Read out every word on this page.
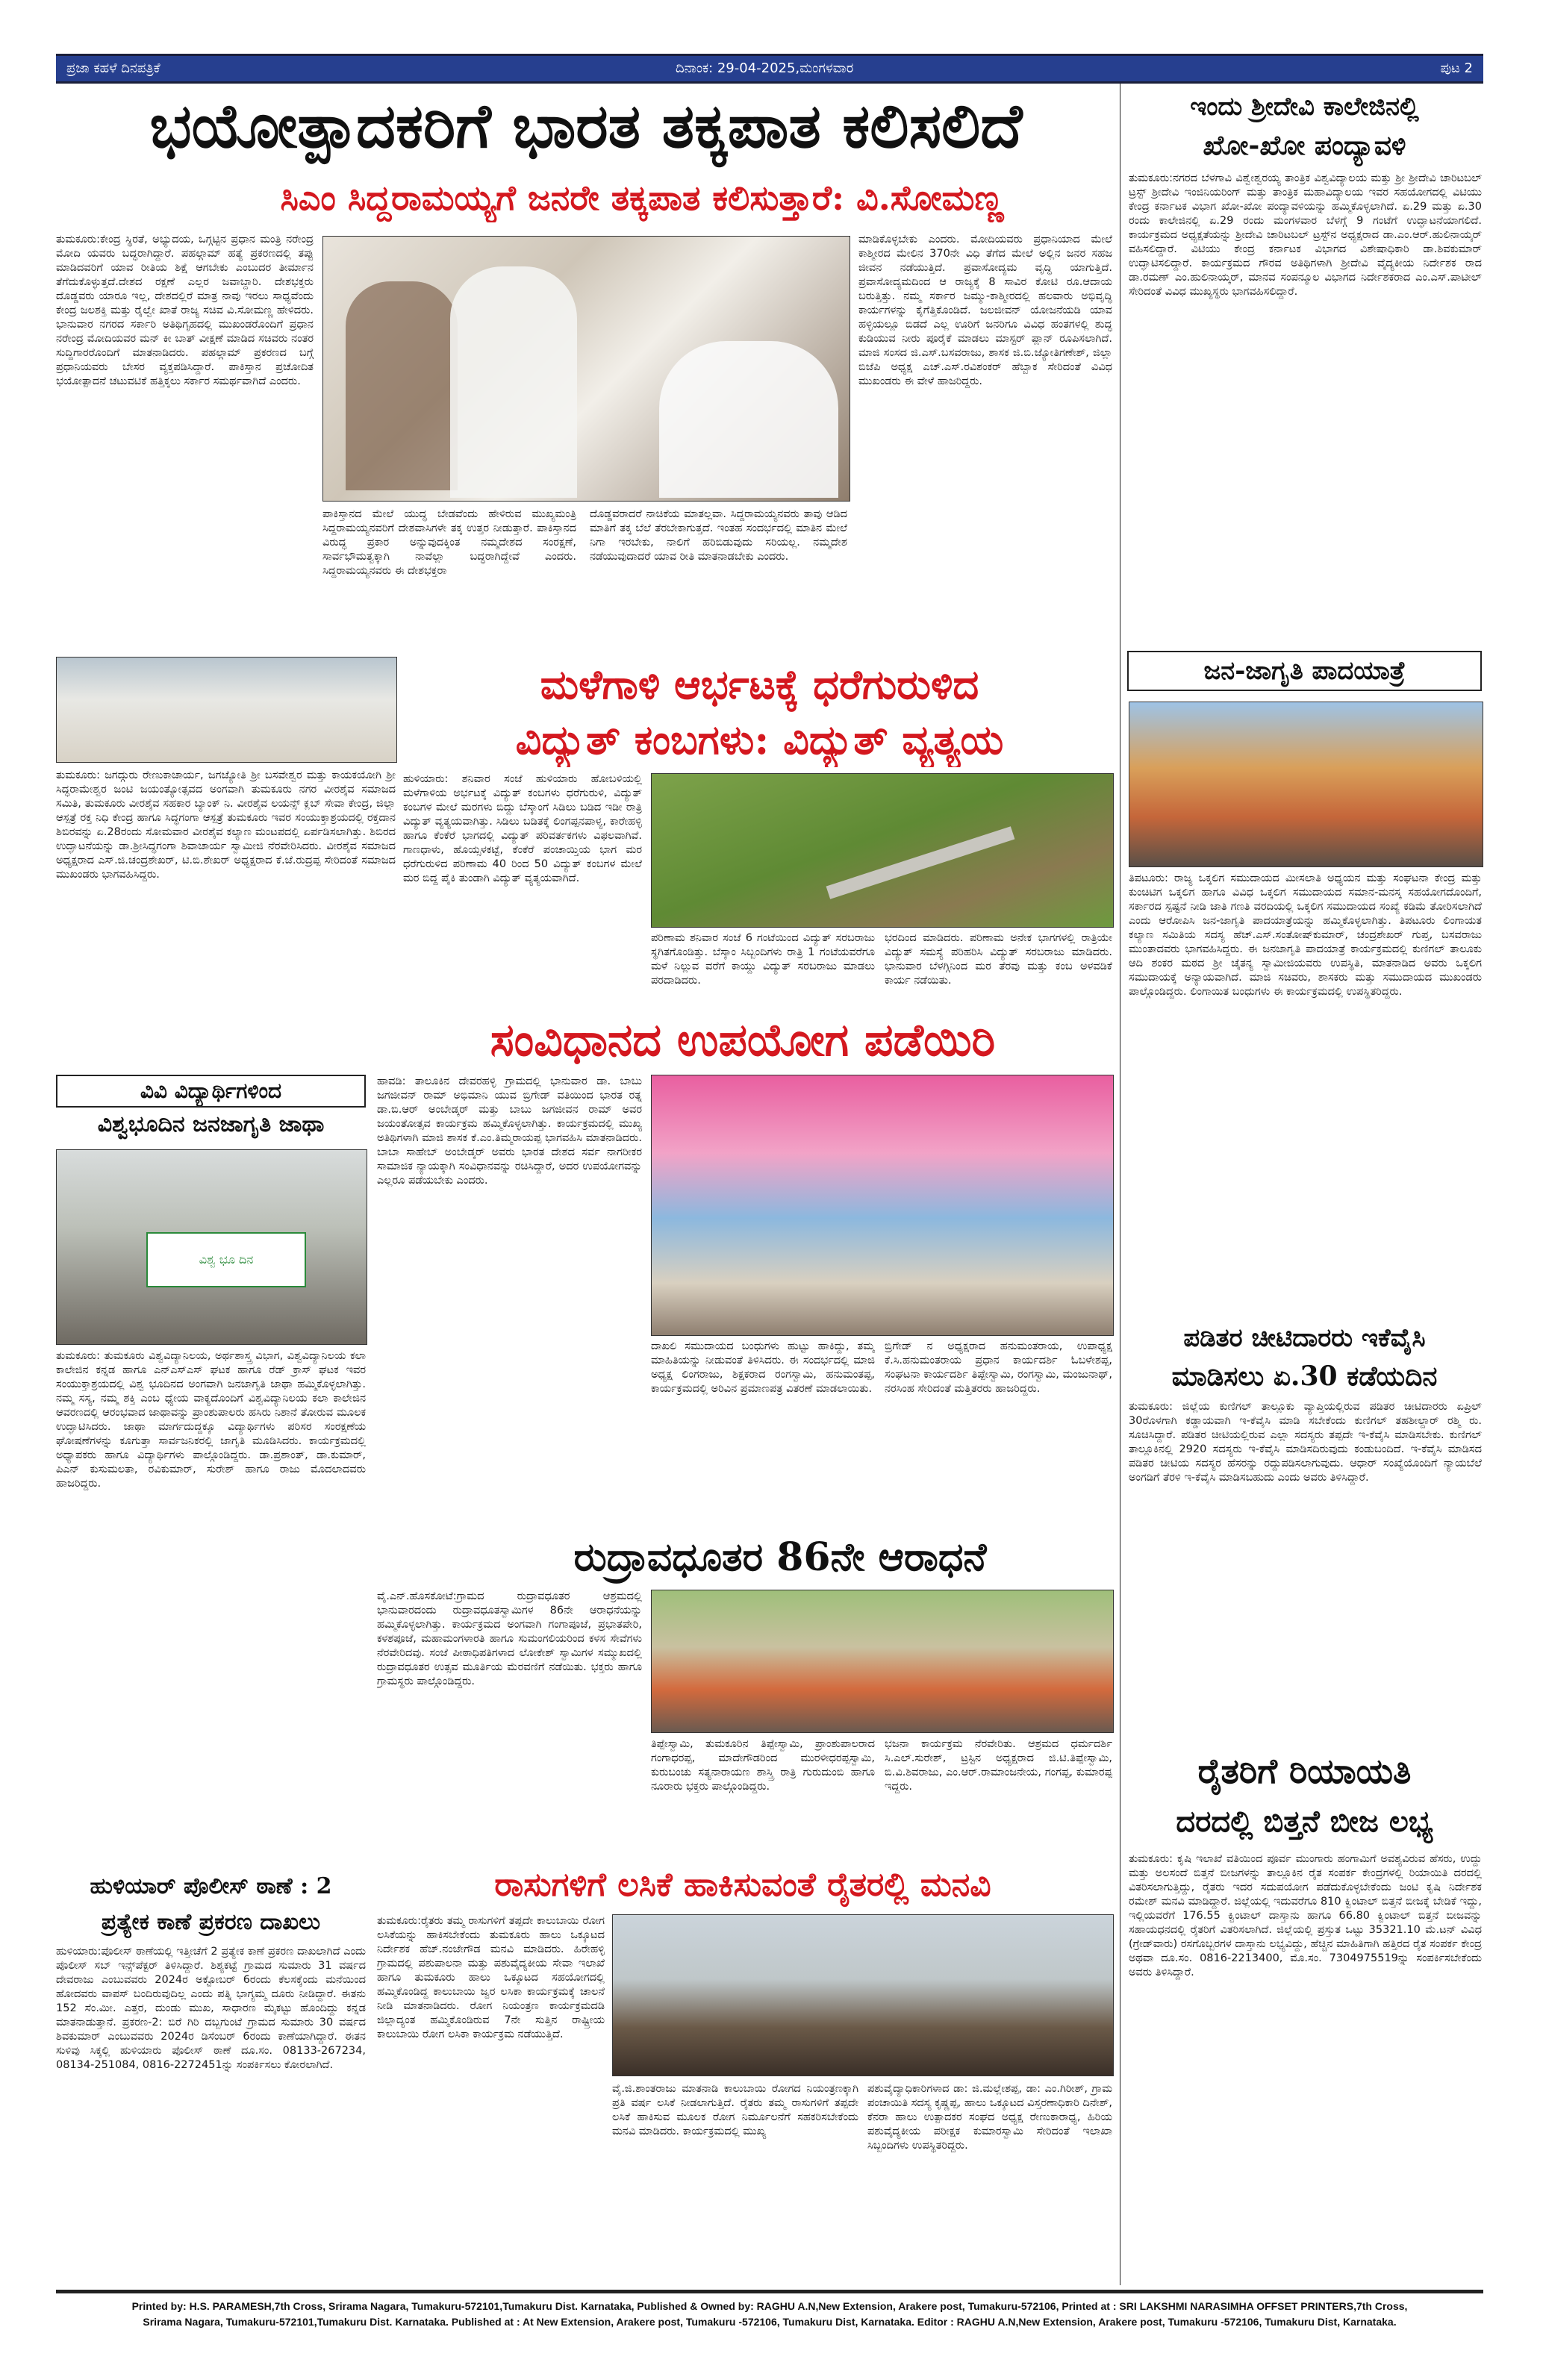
ಪ್ರಜಾ ಕಹಳೆ ದಿನಪತ್ರಿಕೆ	ದಿನಾಂಕ: 29-04-2025,ಮಂಗಳವಾರ	ಪುಟ 2
ಭಯೋತ್ಪಾದಕರಿಗೆ ಭಾರತ ತಕ್ಕಪಾತ ಕಲಿಸಲಿದೆ
ಸಿಎಂ ಸಿದ್ದರಾಮಯ್ಯಗೆ ಜನರೇ ತಕ್ಕಪಾತ ಕಲಿಸುತ್ತಾರೆ: ವಿ.ಸೋಮಣ್ಣ
ತುಮಕೂರು:ಕೇಂದ್ರ ಸ್ಥಿರತೆ, ಅಭ್ಯುದಯ, ಒಗ್ಗಟ್ಟಿನ ಪ್ರಧಾನ ಮಂತ್ರಿ ನರೇಂದ್ರ ಮೋದಿ ಯವರು ಬದ್ಧರಾಗಿದ್ದಾರೆ. ಪಹಲ್ಗಾಮ್ ಹತ್ಯೆ ಪ್ರಕರಣದಲ್ಲಿ ತಪ್ಪು ಮಾಡಿದವರಿಗೆ ಯಾವ ರೀತಿಯ ಶಿಕ್ಷೆ ಆಗಬೇಕು ಎಂಬುದರ ತೀರ್ಮಾನ ತೆಗೆದುಕೊಳ್ಳುತ್ತದೆ.ದೇಶದ ರಕ್ಷಣೆ ಎಲ್ಲರ ಜವಾಬ್ದಾರಿ. ದೇಶಭಕ್ತರು ದೊಡ್ಡವರು ಯಾರೂ ಇಲ್ಲ, ದೇಶದಲ್ಲಿರೆ ಮಾತ್ರ ನಾವು ಇರಲು ಸಾಧ್ಯವೆಂದು ಕೇಂದ್ರ ಜಲಶಕ್ತಿ ಮತ್ತು ರೈಲ್ವೇ ಖಾತೆ ರಾಜ್ಯ ಸಚಿವ ವಿ.ಸೋಮಣ್ಣ ಹೇಳಿದರು. ಭಾನುವಾರ ನಗರದ ಸರ್ಕಾರಿ ಅತಿಥಿಗೃಹದಲ್ಲಿ ಮುಖಂಡರೊಂದಿಗೆ ಪ್ರಧಾನ ನರೇಂದ್ರ ಮೋದಿಯವರ ಮನ್ ಕೀ ಬಾತ್ ವೀಕ್ಷಣೆ ಮಾಡಿದ ಸಚಿವರು ನಂತರ ಸುದ್ದಿಗಾರರೊಂದಿಗೆ ಮಾತನಾಡಿದರು. ಪಹಲ್ಗಾಮ್ ಪ್ರಕರಣದ ಬಗ್ಗೆ ಪ್ರಧಾನಿಯವರು ಬೇಸರ ವ್ಯಕ್ತಪಡಿಸಿದ್ದಾರೆ. ಪಾಕಿಸ್ತಾನ ಪ್ರಚೋದಿತ ಭಯೋತ್ಪಾದನೆ ಚಟುವಟಿಕೆ ಹತ್ತಿಕ್ಕಲು ಸರ್ಕಾರ ಸಮರ್ಥವಾಗಿದೆ ಎಂದರು.
ಪಾಕಿಸ್ತಾನದ ಮೇಲೆ ಯುದ್ಧ ಬೇಡವೆಂದು ಹೇಳಿರುವ ಮುಖ್ಯಮಂತ್ರಿ ಸಿದ್ದರಾಮಯ್ಯನವರಿಗೆ ದೇಶವಾಸಿಗಳೇ ತಕ್ಕ ಉತ್ತರ ನೀಡುತ್ತಾರೆ. ಪಾಕಿಸ್ತಾನದ ವಿರುದ್ಧ ಪ್ರಕಾರ ಅನ್ನುವುದಕ್ಕಿಂತ ನಮ್ಮದೇಶದ ಸಂರಕ್ಷಣೆ, ಸಾರ್ವಭೌಮತ್ವಕ್ಕಾಗಿ ನಾವೆಲ್ಲಾ ಬದ್ಧರಾಗಿದ್ದೇವೆ ಎಂದರು. ಸಿದ್ದರಾಮಯ್ಯನವರು ಈ ದೇಶಭಕ್ತರಾ
ದೊಡ್ಡವರಾದರೆ ನಾಚಿಕೆಯ ಮಾತಲ್ಲವಾ. ಸಿದ್ದರಾಮಯ್ಯನವರು ತಾವು ಆಡಿದ ಮಾತಿಗೆ ತಕ್ಕ ಬೆಲೆ ತೆರಬೇಕಾಗುತ್ತದೆ. ಇಂತಹ ಸಂದರ್ಭದಲ್ಲಿ ಮಾತಿನ ಮೇಲೆ ನಿಗಾ ಇರಬೇಕು, ನಾಲಿಗೆ ಹರಿಬಿಡುವುದು ಸರಿಯಲ್ಲ. ನಮ್ಮದೇಶ ನಡೆಯುವುದಾದರೆ ಯಾವ ರೀತಿ ಮಾತನಾಡಬೇಕು ಎಂದರು.
ಮಾಡಿಕೊಳ್ಳಬೇಕು ಎಂದರು. ಮೋದಿಯವರು ಪ್ರಧಾನಿಯಾದ ಮೇಲೆ ಕಾಶ್ಮೀರದ ಮೇಲಿನ 370ನೇ ವಿಧಿ ತೆಗೆದ ಮೇಲೆ ಅಲ್ಲಿನ ಜನರ ಸಹಜ ಜೀವನ ನಡೆಯುತ್ತಿದೆ. ಪ್ರವಾಸೋದ್ಯಮ ವೃದ್ಧಿ ಯಾಗುತ್ತಿದೆ. ಪ್ರವಾಸೋದ್ಯಮದಿಂದ ಆ ರಾಜ್ಯಕ್ಕೆ 8 ಸಾವಿರ ಕೋಟಿ ರೂ.ಆದಾಯ ಬರುತ್ತಿತ್ತು. ನಮ್ಮ ಸರ್ಕಾರ ಜಮ್ಮು-ಕಾಶ್ಮೀರದಲ್ಲಿ ಹಲವಾರು ಅಭಿವೃದ್ಧಿ ಕಾರ್ಯಗಳನ್ನು ಕೈಗೆತ್ತಿಕೊಂಡಿದೆ. ಜಲಜೀವನ್ ಯೋಜನೆಯಡಿ ಯಾವ ಹಳ್ಳಿಯಲ್ಲೂ ಬಿಡದೆ ಎಲ್ಲ ಊರಿಗೆ ಜನರಿಗೂ ವಿವಿಧ ಹಂತಗಳಲ್ಲಿ ಶುದ್ಧ ಕುಡಿಯುವ ನೀರು ಪೂರೈಕೆ ಮಾಡಲು ಮಾಸ್ಟರ್ ಪ್ಲಾನ್ ರೂಪಿಸಲಾಗಿದೆ. ಮಾಜಿ ಸಂಸದ ಜಿ.ಎಸ್.ಬಸವರಾಜು, ಶಾಸಕ ಜಿ.ಬಿ.ಜ್ಯೋತಿಗಣೇಶ್, ಜಿಲ್ಲಾ ಬಿಜೆಪಿ ಅಧ್ಯಕ್ಷ ಎಚ್.ಎಸ್.ರವಿಶಂಕರ್ ಹೆಬ್ಬಾಕ ಸೇರಿದಂತೆ ವಿವಿಧ ಮುಖಂಡರು ಈ ವೇಳೆ ಹಾಜರಿದ್ದರು.
ಇಂದು ಶ್ರೀದೇವಿ ಕಾಲೇಜಿನಲ್ಲಿ
ಖೋ-ಖೋ ಪಂದ್ಯಾವಳಿ
ತುಮಕೂರು:ನಗರದ ಬೆಳಗಾವಿ ವಿಶ್ವೇಶ್ವರಯ್ಯ ತಾಂತ್ರಿಕ ವಿಶ್ವವಿದ್ಯಾಲಯ ಮತ್ತು ಶ್ರೀ ಶ್ರೀದೇವಿ ಚಾರಿಟಬಲ್ ಟ್ರಸ್ಟ್ ಶ್ರೀದೇವಿ ಇಂಜಿನಿಯರಿಂಗ್ ಮತ್ತು ತಾಂತ್ರಿಕ ಮಹಾವಿದ್ಯಾಲಯ ಇವರ ಸಹಯೋಗದಲ್ಲಿ ವಿಟಿಯು ಕೇಂದ್ರ ಕರ್ನಾಟಕ ವಿಭಾಗ ಖೋ-ಖೋ ಪಂದ್ಯಾವಳಿಯನ್ನು ಹಮ್ಮಿಕೊಳ್ಳಲಾಗಿದೆ. ಏ.29 ಮತ್ತು ಏ.30 ರಂದು ಕಾಲೇಜಿನಲ್ಲಿ ಏ.29 ರಂದು ಮಂಗಳವಾರ ಬೆಳಗ್ಗೆ 9 ಗಂಟೆಗೆ ಉದ್ಘಾಟನೆಯಾಗಲಿದೆ. ಕಾರ್ಯಕ್ರಮದ ಅಧ್ಯಕ್ಷತೆಯನ್ನು ಶ್ರೀದೇವಿ ಚಾರಿಟಬಲ್ ಟ್ರಸ್ಟ್‌ನ ಅಧ್ಯಕ್ಷರಾದ ಡಾ.ಎಂ.ಆರ್.ಹುಲಿನಾಯ್ಕರ್ ವಹಿಸಲಿದ್ದಾರೆ. ವಿಟಿಯು ಕೇಂದ್ರ ಕರ್ನಾಟಕ ವಿಭಾಗದ ವಿಶೇಷಾಧಿಕಾರಿ ಡಾ.ಶಿವಕುಮಾರ್ ಉದ್ಘಾಟಿಸಲಿದ್ದಾರೆ. ಕಾರ್ಯಕ್ರಮದ ಗೌರವ ಅತಿಥಿಗಳಾಗಿ ಶ್ರೀದೇವಿ ವೈದ್ಯಕೀಯ ನಿರ್ದೇಶಕ ರಾದ ಡಾ.ರಮಣ್ ಎಂ.ಹುಲಿನಾಯ್ಕರ್, ಮಾನವ ಸಂಪನ್ಮೂಲ ವಿಭಾಗದ ನಿರ್ದೇಶಕರಾದ ಎಂ.ಎಸ್.ಪಾಟೀಲ್ ಸೇರಿದಂತೆ ವಿವಿಧ ಮುಖ್ಯಸ್ಥರು ಭಾಗವಹಿಸಲಿದ್ದಾರೆ.
ತುಮಕೂರು: ಜಗದ್ಗುರು ರೇಣುಕಾಚಾರ್ಯ, ಜಗಜ್ಯೋತಿ ಶ್ರೀ ಬಸವೇಶ್ವರ ಮತ್ತು ಕಾಯಕಯೋಗಿ ಶ್ರೀ ಸಿದ್ಧರಾಮೇಶ್ವರ ಜಂಟಿ ಜಯಂತ್ಯೋತ್ಸವದ ಅಂಗವಾಗಿ ತುಮಕೂರು ನಗರ ವೀರಶೈವ ಸಮಾಜದ ಸಮಿತಿ, ತುಮಕೂರು ವೀರಶೈವ ಸಹಕಾರ ಬ್ಯಾಂಕ್ ನಿ. ವೀರಶೈವ ಲಯನ್ಸ್ ಕ್ಲಬ್ ಸೇವಾ ಕೇಂದ್ರ, ಜಿಲ್ಲಾ ಆಸ್ಪತ್ರೆ ರಕ್ತ ನಿಧಿ ಕೇಂದ್ರ ಹಾಗೂ ಸಿದ್ಧಗಂಗಾ ಆಸ್ಪತ್ರೆ ತುಮಕೂರು ಇವರ ಸಂಯುಕ್ತಾಶ್ರಯದಲ್ಲಿ ರಕ್ತದಾನ ಶಿಬಿರವನ್ನು ಏ.28ರಂದು ಸೋಮವಾರ ವೀರಶೈವ ಕಲ್ಯಾಣ ಮಂಟಪದಲ್ಲಿ ಏರ್ಪಡಿಸಲಾಗಿತ್ತು. ಶಿಬಿರದ ಉದ್ಘಾಟನೆಯನ್ನು ಡಾ.ಶ್ರೀಸಿದ್ಧಗಂಗಾ ಶಿವಾಚಾರ್ಯ ಸ್ವಾಮೀಜಿ ನೆರವೇರಿಸಿದರು. ವೀರಶೈವ ಸಮಾಜದ ಅಧ್ಯಕ್ಷರಾದ ಎಸ್.ಜಿ.ಚಂದ್ರಶೇಖರ್, ಟಿ.ಬಿ.ಶೇಖರ್ ಅಧ್ಯಕ್ಷರಾದ ಕೆ.ಜೆ.ರುದ್ರಪ್ಪ ಸೇರಿದಂತೆ ಸಮಾಜದ ಮುಖಂಡರು ಭಾಗವಹಿಸಿದ್ದರು.
ಮಳೆಗಾಳಿ ಆರ್ಭಟಕ್ಕೆ ಧರೆಗುರುಳಿದ
ವಿದ್ಯುತ್ ಕಂಬಗಳು: ವಿದ್ಯುತ್ ವ್ಯತ್ಯಯ
ಹುಳಿಯಾರು: ಶನಿವಾರ ಸಂಜೆ ಹುಳಿಯಾರು ಹೋಬಳಿಯಲ್ಲಿ ಮಳೆಗಾಳಿಯ ಅರ್ಭಟಕ್ಕೆ ವಿದ್ಯುತ್ ಕಂಬಗಳು ಧರೆಗುರುಳಿ, ವಿದ್ಯುತ್ ಕಂಬಗಳ ಮೇಲೆ ಮರಗಳು ಬಿದ್ದು ಬೆಸ್ಕಾಂಗೆ ಸಿಡಿಲು ಬಡಿದ ಇಡೀ ರಾತ್ರಿ ವಿದ್ಯುತ್ ವ್ಯತ್ಯಯವಾಗಿತ್ತು. ಸಿಡಿಲು ಬಡಿತಕ್ಕೆ ಲಿಂಗಪ್ಪನಪಾಳ್ಯ, ಕಾರೇಹಳ್ಳಿ ಹಾಗೂ ಕೆಂಕೆರೆ ಭಾಗದಲ್ಲಿ ವಿದ್ಯುತ್ ಪರಿವರ್ತಕಗಳು ವಿಫಲವಾಗಿವೆ. ಗಾಣಧಾಳು, ಹೊಯ್ಸಳಕಟ್ಟೆ, ಕೆಂಕೆರೆ ಪಂಚಾಯ್ತಿಯ ಭಾಗ ಮರ ಧರೆಗುರುಳಿದ ಪರಿಣಾಮ 40 ರಿಂದ 50 ವಿದ್ಯುತ್ ಕಂಬಗಳ ಮೇಲೆ ಮರ ಬಿದ್ದ ಪೈಕಿ ತುಂಡಾಗಿ ವಿದ್ಯುತ್ ವ್ಯತ್ಯಯವಾಗಿದೆ.
ಪರಿಣಾಮ ಶನಿವಾರ ಸಂಜೆ 6 ಗಂಟೆಯಿಂದ ವಿದ್ಯುತ್ ಸರಬರಾಜು ಸ್ಥಗಿತಗೊಂಡಿತ್ತು. ಬೆಸ್ಕಾಂ ಸಿಬ್ಬಂದಿಗಳು ರಾತ್ರಿ 1 ಗಂಟೆಯವರೆಗೂ ಮಳೆ ನಿಲ್ಲುವ ವರೆಗೆ ಕಾಯ್ದು ವಿದ್ಯುತ್ ಸರಬರಾಜು ಮಾಡಲು ಪರದಾಡಿದರು.
ಭರದಿಂದ ಮಾಡಿದರು. ಪರಿಣಾಮ ಅನೇಕ ಭಾಗಗಳಲ್ಲಿ ರಾತ್ರಿಯೇ ವಿದ್ಯುತ್ ಸಮಸ್ಯೆ ಪರಿಹರಿಸಿ ವಿದ್ಯುತ್ ಸರಬರಾಜು ಮಾಡಿದರು. ಭಾನುವಾರ ಬೆಳಗ್ಗಿನಿಂದ ಮರ ತೆರವು ಮತ್ತು ಕಂಬ ಅಳವಡಿಕೆ ಕಾರ್ಯ ನಡೆಯಿತು.
ಜನ-ಜಾಗೃತಿ ಪಾದಯಾತ್ರೆ
ತಿಪಟೂರು: ರಾಜ್ಯ ಒಕ್ಕಲಿಗ ಸಮುದಾಯದ ಮೀಸಲಾತಿ ಅಧ್ಯಯನ ಮತ್ತು ಸಂಘಟನಾ ಕೇಂದ್ರ ಮತ್ತು ಕುಂಚಿಟಿಗ ಒಕ್ಕಲಿಗ ಹಾಗೂ ವಿವಿಧ ಒಕ್ಕಲಿಗ ಸಮುದಾಯದ ಸಮಾನ-ಮನಸ್ಕ ಸಹಯೋಗದೊಂದಿಗೆ, ಸರ್ಕಾರದ ಸ್ಪಷ್ಟನೆ ನೀಡಿ ಜಾತಿ ಗಣತಿ ವರದಿಯಲ್ಲಿ ಒಕ್ಕಲಿಗ ಸಮುದಾಯದ ಸಂಖ್ಯೆ ಕಡಿಮೆ ತೋರಿಸಲಾಗಿದೆ ಎಂದು ಆರೋಪಿಸಿ ಜನ-ಜಾಗೃತಿ ಪಾದಯಾತ್ರೆಯನ್ನು ಹಮ್ಮಿಕೊಳ್ಳಲಾಗಿತ್ತು. ತಿಪಟೂರು ಲಿಂಗಾಯತ ಕಲ್ಯಾಣ ಸಮಿತಿಯ ಸದಸ್ಯ ಹೆಚ್.ಎಸ್.ಸಂತೋಷ್‌ಕುಮಾರ್, ಚಂದ್ರಶೇಖರ್ ಗುಪ್ತ, ಬಸವರಾಜು ಮುಂತಾದವರು ಭಾಗವಹಿಸಿದ್ದರು. ಈ ಜನಜಾಗೃತಿ ಪಾದಯಾತ್ರೆ ಕಾರ್ಯಕ್ರಮದಲ್ಲಿ ಕುಣಿಗಲ್ ತಾಲೂಕು ಆದಿ ಶಂಕರ ಮಠದ ಶ್ರೀ ಚೈತನ್ಯ ಸ್ವಾಮೀಜಿಯವರು ಉಪಸ್ಥಿತಿ, ಮಾತನಾಡಿದ ಅವರು ಒಕ್ಕಲಿಗ ಸಮುದಾಯಕ್ಕೆ ಅನ್ಯಾಯವಾಗಿದೆ. ಮಾಜಿ ಸಚಿವರು, ಶಾಸಕರು ಮತ್ತು ಸಮುದಾಯದ ಮುಖಂಡರು ಪಾಲ್ಗೊಂಡಿದ್ದರು. ಲಿಂಗಾಯಿತ ಬಂಧುಗಳು ಈ ಕಾರ್ಯಕ್ರಮದಲ್ಲಿ ಉಪಸ್ಥಿತರಿದ್ದರು.
ಸಂವಿಧಾನದ ಉಪಯೋಗ ಪಡೆಯಿರಿ
ಹಾವಡಿ: ತಾಲೂಕಿನ ದೇವರಹಳ್ಳಿ ಗ್ರಾಮದಲ್ಲಿ ಭಾನುವಾರ ಡಾ. ಬಾಬು ಜಗಜೀವನ್ ರಾಮ್ ಅಭಿಮಾನಿ ಯುವ ಬ್ರಿಗೇಡ್ ವತಿಯಿಂದ ಭಾರತ ರತ್ನ ಡಾ.ಬಿ.ಆರ್ ಅಂಬೇಡ್ಕರ್ ಮತ್ತು ಬಾಬು ಜಗಜೀವನ ರಾಮ್ ಅವರ ಜಯಂತೋತ್ಸವ ಕಾರ್ಯಕ್ರಮ ಹಮ್ಮಿಕೊಳ್ಳಲಾಗಿತ್ತು. ಕಾರ್ಯಕ್ರಮದಲ್ಲಿ ಮುಖ್ಯ ಅತಿಥಿಗಳಾಗಿ ಮಾಜಿ ಶಾಸಕ ಕೆ.ಎಂ.ತಿಮ್ಮರಾಯಪ್ಪ ಭಾಗವಹಿಸಿ ಮಾತನಾಡಿದರು. ಬಾಬಾ ಸಾಹೇಬ್ ಅಂಬೇಡ್ಕರ್ ಅವರು ಭಾರತ ದೇಶದ ಸರ್ವ ನಾಗರೀಕರ ಸಾಮಾಜಿಕ ನ್ಯಾಯಕ್ಕಾಗಿ ಸಂವಿಧಾನವನ್ನು ರಚಿಸಿದ್ದಾರೆ, ಅದರ ಉಪಯೋಗವನ್ನು ಎಲ್ಲರೂ ಪಡೆಯಬೇಕು ಎಂದರು.
ದಾಖಲಿ ಸಮುದಾಯದ ಬಂಧುಗಳು ಹುಟ್ಟು ಹಾಕಿದ್ದು, ತಮ್ಮ ಮಾಹಿತಿಯನ್ನು ನೀಡುವಂತೆ ತಿಳಿಸಿದರು. ಈ ಸಂದರ್ಭದಲ್ಲಿ ಮಾಜಿ ಅಧ್ಯಕ್ಷ ಲಿಂಗರಾಜು, ಶಿಕ್ಷಕರಾದ ರಂಗಸ್ವಾಮಿ, ಹನುಮಂತಪ್ಪ, ಕಾರ್ಯಕ್ರಮದಲ್ಲಿ ಅರಿವಿನ ಪ್ರಮಾಣಪತ್ರ ವಿತರಣೆ ಮಾಡಲಾಯಿತು.
ಬ್ರಿಗೇಡ್ ನ ಅಧ್ಯಕ್ಷರಾದ ಹನುಮಂತರಾಯ, ಉಪಾಧ್ಯಕ್ಷ ಕೆ.ಸಿ.ಹನುಮಂತರಾಯ ಪ್ರಧಾನ ಕಾರ್ಯದರ್ಶಿ ಓಬಳೇಶಪ್ಪ, ಸಂಘಟನಾ ಕಾರ್ಯದರ್ಶಿ ತಿಪ್ಪೇಸ್ವಾಮಿ, ರಂಗಸ್ವಾಮಿ, ಮಂಜುನಾಥ್, ನರಸಿಂಹ ಸೇರಿದಂತೆ ಮತ್ತಿತರರು ಹಾಜರಿದ್ದರು.
ವಿವಿ ವಿದ್ಯಾರ್ಥಿಗಳಿಂದ
ವಿಶ್ವಭೂದಿನ ಜನಜಾಗೃತಿ ಜಾಥಾ
ವಿಶ್ವ ಭೂ ದಿನ
ತುಮಕೂರು: ತುಮಕೂರು ವಿಶ್ವವಿದ್ಯಾನಿಲಯ, ಅರ್ಥಶಾಸ್ತ್ರ ವಿಭಾಗ, ವಿಶ್ವವಿದ್ಯಾನಿಲಯ ಕಲಾ ಕಾಲೇಜಿನ ಕನ್ನಡ ಹಾಗೂ ಎನ್ಎಸ್ಎಸ್ ಘಟಕ ಹಾಗೂ ರೆಡ್ ಕ್ರಾಸ್ ಘಟಕ ಇವರ ಸಂಯುಕ್ತಾಶ್ರಯದಲ್ಲಿ ವಿಶ್ವ ಭೂದಿನದ ಅಂಗವಾಗಿ ಜನಜಾಗೃತಿ ಜಾಥಾ ಹಮ್ಮಿಕೊಳ್ಳಲಾಗಿತ್ತು. ನಮ್ಮ ಸಸ್ಯ, ನಮ್ಮ ಶಕ್ತಿ ಎಂಬ ಧ್ಯೇಯ ವಾಕ್ಯದೊಂದಿಗೆ ವಿಶ್ವವಿದ್ಯಾನಿಲಯ ಕಲಾ ಕಾಲೇಜಿನ ಆವರಣದಲ್ಲಿ ಆರಂಭವಾದ ಜಾಥಾವನ್ನು ಪ್ರಾಂಶುಪಾಲರು ಹಸಿರು ನಿಶಾನೆ ತೋರುವ ಮೂಲಕ ಉದ್ಘಾಟಿಸಿದರು. ಜಾಥಾ ಮಾರ್ಗದುದ್ದಕ್ಕೂ ವಿದ್ಯಾರ್ಥಿಗಳು ಪರಿಸರ ಸಂರಕ್ಷಣೆಯ ಘೋಷಣೆಗಳನ್ನು ಕೂಗುತ್ತಾ ಸಾರ್ವಜನಿಕರಲ್ಲಿ ಜಾಗೃತಿ ಮೂಡಿಸಿದರು. ಕಾರ್ಯಕ್ರಮದಲ್ಲಿ ಅಧ್ಯಾಪಕರು ಹಾಗೂ ವಿದ್ಯಾರ್ಥಿಗಳು ಪಾಲ್ಗೊಂಡಿದ್ದರು. ಡಾ.ಪ್ರಶಾಂತ್, ಡಾ.ಕುಮಾರ್, ಪಿಎನ್ ಕುಸುಮಲತಾ, ರವಿಕುಮಾರ್, ಸುರೇಶ್ ಹಾಗೂ ರಾಜು ಮೊದಲಾದವರು ಹಾಜರಿದ್ದರು.
ಪಡಿತರ ಚೀಟಿದಾರರು ಇಕೆವೈಸಿ
ಮಾಡಿಸಲು ಏ.30 ಕಡೆಯದಿನ
ತುಮಕೂರು: ಜಿಲ್ಲೆಯ ಕುಣಿಗಲ್ ತಾಲ್ಲೂಕು ವ್ಯಾಪ್ತಿಯಲ್ಲಿರುವ ಪಡಿತರ ಚೀಟಿದಾರರು ಏಪ್ರಿಲ್ 30ರೊಳಗಾಗಿ ಕಡ್ಡಾಯವಾಗಿ ಇ-ಕೆವೈಸಿ ಮಾಡಿ ಸಬೇಕೆಂದು ಕುಣಿಗಲ್ ತಹಶೀಲ್ದಾರ್ ರಶ್ಮಿ ರು. ಸೂಚಿಸಿದ್ದಾರೆ. ಪಡಿತರ ಚೀಟಿಯಲ್ಲಿರುವ ಎಲ್ಲಾ ಸದಸ್ಯರು ತಪ್ಪದೇ ಇ-ಕೆವೈಸಿ ಮಾಡಿಸಬೇಕು. ಕುಣಿಗಲ್ ತಾಲ್ಲೂಕಿನಲ್ಲಿ 2920 ಸದಸ್ಯರು ಇ-ಕೆವೈಸಿ ಮಾಡಿಸದಿರುವುದು ಕಂಡುಬಂದಿದೆ. ಇ-ಕೆವೈಸಿ ಮಾಡಿಸದ ಪಡಿತರ ಚೀಟಿಯ ಸದಸ್ಯರ ಹೆಸರನ್ನು ರದ್ದುಪಡಿಸಲಾಗುವುದು. ಆಧಾರ್ ಸಂಖ್ಯೆಯೊಂದಿಗೆ ನ್ಯಾಯಬೆಲೆ ಅಂಗಡಿಗೆ ತೆರಳಿ ಇ-ಕೆವೈಸಿ ಮಾಡಿಸಬಹುದು ಎಂದು ಅವರು ತಿಳಿಸಿದ್ದಾರೆ.
ರುದ್ರಾವಧೂತರ 86ನೇ ಆರಾಧನೆ
ವೈ.ಎನ್.ಹೊಸಕೋಟೆ:ಗ್ರಾಮದ ರುದ್ರಾವಧೂತರ ಆಶ್ರಮದಲ್ಲಿ ಭಾನುವಾರದಂದು ರುದ್ರಾವಧೂತಸ್ವಾಮಿಗಳ 86ನೇ ಆರಾಧನೆಯನ್ನು ಹಮ್ಮಿಕೊಳ್ಳಲಾಗಿತ್ತು. ಕಾರ್ಯಕ್ರಮದ ಅಂಗವಾಗಿ ಗಂಗಾಪೂಜೆ, ಪ್ರಭಾತಪೇರಿ, ಕಳಶಪೂಜೆ, ಮಹಾಮಂಗಳಾರತಿ ಹಾಗೂ ಸುಮಂಗಲಿಯರಿಂದ ಕಳಸ ಸೇವೆಗಳು ನೆರವೇರಿದವು. ಸಂಜೆ ಪೀಠಾಧಿಪತಿಗಳಾದ ಲೋಕೇಶ್ ಸ್ವಾಮಿಗಳ ಸಮ್ಮುಖದಲ್ಲಿ ರುದ್ರಾವಧೂತರ ಉತ್ಸವ ಮೂರ್ತಿಯ ಮೆರವಣಿಗೆ ನಡೆಯಿತು. ಭಕ್ತರು ಹಾಗೂ ಗ್ರಾಮಸ್ಥರು ಪಾಲ್ಗೊಂಡಿದ್ದರು.
ತಿಪ್ಪೇಸ್ವಾಮಿ, ತುಮಕೂರಿನ ತಿಪ್ಪೇಸ್ವಾಮಿ, ಪ್ರಾಂಶುಪಾಲರಾದ ಗಂಗಾಧರಪ್ಪ, ಮಾದೇಗೌಡರಿಂದ ಮುರಳೀಧರಪ್ಪಸ್ವಾಮಿ, ಕುರುಬಂಚು ಸತ್ಯನಾರಾಯಣ ಶಾಸ್ತ್ರಿ ರಾತ್ರಿ ಗುರುದುಂಬಿ ಹಾಗೂ ನೂರಾರು ಭಕ್ತರು ಪಾಲ್ಗೊಂಡಿದ್ದರು.
ಭಜನಾ ಕಾರ್ಯಕ್ರಮ ನೆರವೇರಿತು. ಆಶ್ರಮದ ಧರ್ಮದರ್ಶಿ ಸಿ.ಎಲ್.ಸುರೇಶ್, ಟ್ರಸ್ಟಿನ ಅಧ್ಯಕ್ಷರಾದ ಜಿ.ಟಿ.ತಿಪ್ಪೇಸ್ವಾಮಿ, ಬಿ.ವಿ.ಶಿವರಾಜು, ಎಂ.ಆರ್.ರಾಮಾಂಜನೇಯ, ಗಂಗಪ್ಪ, ಕುಮಾರಪ್ಪ ಇದ್ದರು.	ರೈತರಿಗೆ ರಿಯಾಯತಿ
ದರದಲ್ಲಿ ಬಿತ್ತನೆ ಬೀಜ ಲಭ್ಯ
ತುಮಕೂರು: ಕೃಷಿ ಇಲಾಖೆ ವತಿಯಿಂದ ಪೂರ್ವ ಮುಂಗಾರು ಹಂಗಾಮಿಗೆ ಅವಶ್ಯವಿರುವ ಹೆಸರು, ಉದ್ದು ಮತ್ತು ಅಲಸಂದೆ ಬಿತ್ತನೆ ಬೀಜಗಳನ್ನು ತಾಲ್ಲೂಕಿನ ರೈತ ಸಂಪರ್ಕ ಕೇಂದ್ರಗಳಲ್ಲಿ ರಿಯಾಯಿತಿ ದರದಲ್ಲಿ ವಿತರಿಸಲಾಗುತ್ತಿದ್ದು, ರೈತರು ಇದರ ಸದುಪಯೋಗ ಪಡೆದುಕೊಳ್ಳಬೇಕೆಂದು ಜಂಟಿ ಕೃಷಿ ನಿರ್ದೇಶಕ ರಮೇಶ್ ಮನವಿ ಮಾಡಿದ್ದಾರೆ. ಜಿಲ್ಲೆಯಲ್ಲಿ ಇದುವರೆಗೂ 810 ಕ್ವಿಂಟಾಲ್ ಬಿತ್ತನೆ ಬೀಜಕ್ಕೆ ಬೇಡಿಕೆ ಇದ್ದು, ಇಲ್ಲಿಯವರೆಗೆ 176.55 ಕ್ವಿಂಟಾಲ್ ದಾಸ್ತಾನು ಹಾಗೂ 66.80 ಕ್ವಿಂಟಾಲ್ ಬಿತ್ತನೆ ಬೀಜವನ್ನು ಸಹಾಯಧನದಲ್ಲಿ ರೈತರಿಗೆ ವಿತರಿಸಲಾಗಿದೆ. ಜಿಲ್ಲೆಯಲ್ಲಿ ಪ್ರಸ್ತುತ ಒಟ್ಟು 35321.10 ಮೆ.ಟನ್ ವಿವಿಧ (ಗ್ರೇಡ್‌ವಾರು) ರಸಗೊಬ್ಬರಗಳ ದಾಸ್ತಾನು ಲಭ್ಯವಿದ್ದು, ಹೆಚ್ಚಿನ ಮಾಹಿತಿಗಾಗಿ ಹತ್ತಿರದ ರೈತ ಸಂಪರ್ಕ ಕೇಂದ್ರ ಅಥವಾ ದೂ.ಸಂ. 0816-2213400, ಮೊ.ಸಂ. 7304975519ನ್ನು ಸಂಪರ್ಕಿಸಬೇಕೆಂದು ಅವರು ತಿಳಿಸಿದ್ದಾರೆ.
ಹುಳಿಯಾರ್ ಪೊಲೀಸ್ ಠಾಣೆ : 2
ಪ್ರತ್ಯೇಕ ಕಾಣೆ ಪ್ರಕರಣ ದಾಖಲು
ಹುಳಿಯಾರು:ಪೊಲೀಸ್ ಠಾಣೆಯಲ್ಲಿ ಇತ್ತೀಚೆಗೆ 2 ಪ್ರತ್ಯೇಕ ಕಾಣೆ ಪ್ರಕರಣ ದಾಖಲಾಗಿದೆ ಎಂದು ಪೊಲೀಸ್ ಸಬ್ ಇನ್ಸ್‌ಪೆಕ್ಟರ್ ತಿಳಿಸಿದ್ದಾರೆ. ಶಿಶ್ಯಕಟ್ಟೆ ಗ್ರಾಮದ ಸುಮಾರು 31 ವರ್ಷದ ದೇವರಾಜು ಎಂಬುವವರು 2024ರ ಅಕ್ಟೋಬರ್ 6ರಂದು ಕೆಲಸಕ್ಕೆಂದು ಮನೆಯಿಂದ ಹೋದವರು ವಾಪಸ್ ಬಂದಿರುವುದಿಲ್ಲ ಎಂದು ಪತ್ನಿ ಭಾಗ್ಯಮ್ಮ ದೂರು ನೀಡಿದ್ದಾರೆ. ಈತನು 152 ಸೆಂ.ಮೀ. ಎತ್ತರ, ದುಂಡು ಮುಖ, ಸಾಧಾರಣ ಮೈಕಟ್ಟು ಹೊಂದಿದ್ದು ಕನ್ನಡ ಮಾತನಾಡುತ್ತಾನೆ. ಪ್ರಕರಣ-2: ಬಿರೆ ಗಿರಿ ದಬ್ಬಗುಂಟೆ ಗ್ರಾಮದ ಸುಮಾರು 30 ವರ್ಷದ ಶಿವಕುಮಾರ್ ಎಂಬುವವರು 2024ರ ಡಿಸೆಂಬರ್ 6ರಂದು ಕಾಣೆಯಾಗಿದ್ದಾರೆ. ಈತನ ಸುಳಿವು ಸಿಕ್ಕಲ್ಲಿ ಹುಳಿಯಾರು ಪೊಲೀಸ್ ಠಾಣೆ ದೂ.ಸಂ. 08133-267234, 08134-251084, 0816-2272451ನ್ನು ಸಂಪರ್ಕಿಸಲು ಕೋರಲಾಗಿದೆ.
ರಾಸುಗಳಿಗೆ ಲಸಿಕೆ ಹಾಕಿಸುವಂತೆ ರೈತರಲ್ಲಿ ಮನವಿ
ತುಮಕೂರು:ರೈತರು ತಮ್ಮ ರಾಸುಗಳಿಗೆ ತಪ್ಪದೇ ಕಾಲುಬಾಯಿ ರೋಗ ಲಸಿಕೆಯನ್ನು ಹಾಕಿಸಬೇಕೆಂದು ತುಮಕೂರು ಹಾಲು ಒಕ್ಕೂಟದ ನಿರ್ದೇಶಕ ಹೆಚ್.ನಂಜೇಗೌಡ ಮನವಿ ಮಾಡಿದರು. ಹಿರೇಹಳ್ಳಿ ಗ್ರಾಮದಲ್ಲಿ ಪಶುಪಾಲನಾ ಮತ್ತು ಪಶುವೈದ್ಯಕೀಯ ಸೇವಾ ಇಲಾಖೆ ಹಾಗೂ ತುಮಕೂರು ಹಾಲು ಒಕ್ಕೂಟದ ಸಹಯೋಗದಲ್ಲಿ ಹಮ್ಮಿಕೊಂಡಿದ್ದ ಕಾಲುಬಾಯಿ ಜ್ವರ ಲಸಿಕಾ ಕಾರ್ಯಕ್ರಮಕ್ಕೆ ಚಾಲನೆ ನೀಡಿ ಮಾತನಾಡಿದರು. ರೋಗ ನಿಯಂತ್ರಣ ಕಾರ್ಯಕ್ರಮದಡಿ ಜಿಲ್ಲಾದ್ಯಂತ ಹಮ್ಮಿಕೊಂಡಿರುವ 7ನೇ ಸುತ್ತಿನ ರಾಷ್ಟ್ರೀಯ ಕಾಲುಬಾಯಿ ರೋಗ ಲಸಿಕಾ ಕಾರ್ಯಕ್ರಮ ನಡೆಯುತ್ತಿದೆ.
ವೈ.ಜಿ.ಶಾಂತರಾಜು ಮಾತನಾಡಿ ಕಾಲುಬಾಯಿ ರೋಗದ ನಿಯಂತ್ರಣಕ್ಕಾಗಿ ಪ್ರತಿ ವರ್ಷ ಲಸಿಕೆ ನೀಡಲಾಗುತ್ತಿದೆ. ರೈತರು ತಮ್ಮ ರಾಸುಗಳಿಗೆ ತಪ್ಪದೇ ಲಸಿಕೆ ಹಾಕಿಸುವ ಮೂಲಕ ರೋಗ ನಿರ್ಮೂಲನೆಗೆ ಸಹಕರಿಸಬೇಕೆಂದು ಮನವಿ ಮಾಡಿದರು. ಕಾರ್ಯಕ್ರಮದಲ್ಲಿ ಮುಖ್ಯ
ಪಶುವೈದ್ಯಾಧಿಕಾರಿಗಳಾದ ಡಾ: ಜಿ.ಮಲ್ಲೇಶಪ್ಪ, ಡಾ: ಎಂ.ಗಿರೀಶ್, ಗ್ರಾಮ ಪಂಚಾಯಿತಿ ಸದಸ್ಯ ಕೃಷ್ಣಪ್ಪ, ಹಾಲು ಒಕ್ಕೂಟದ ವಿಸ್ತರಣಾಧಿಕಾರಿ ದಿನೇಶ್, ಕೆನರಾ ಹಾಲು ಉತ್ಪಾದಕರ ಸಂಘದ ಅಧ್ಯಕ್ಷ ರೇಣುಕಾರಾಧ್ಯ, ಹಿರಿಯ ಪಶುವೈದ್ಯಕೀಯ ಪರೀಕ್ಷಕ ಕುಮಾರಸ್ವಾಮಿ ಸೇರಿದಂತೆ ಇಲಾಖಾ ಸಿಬ್ಬಂದಿಗಳು ಉಪಸ್ಥಿತರಿದ್ದರು.
Printed by: H.S. PARAMESH,7th Cross, Srirama Nagara, Tumakuru-572101,Tumakuru Dist. Karnataka, Published & Owned by: RAGHU A.N,New Extension, Arakere post, Tumakuru-572106, Printed at : SRI LAKSHMI NARASIMHA OFFSET PRINTERS,7th Cross,
Srirama Nagara, Tumakuru-572101,Tumakuru Dist. Karnataka. Published at : At New Extension, Arakere post, Tumakuru -572106, Tumakuru Dist, Karnataka. Editor : RAGHU A.N,New Extension, Arakere post, Tumakuru -572106, Tumakuru Dist, Karnataka.
